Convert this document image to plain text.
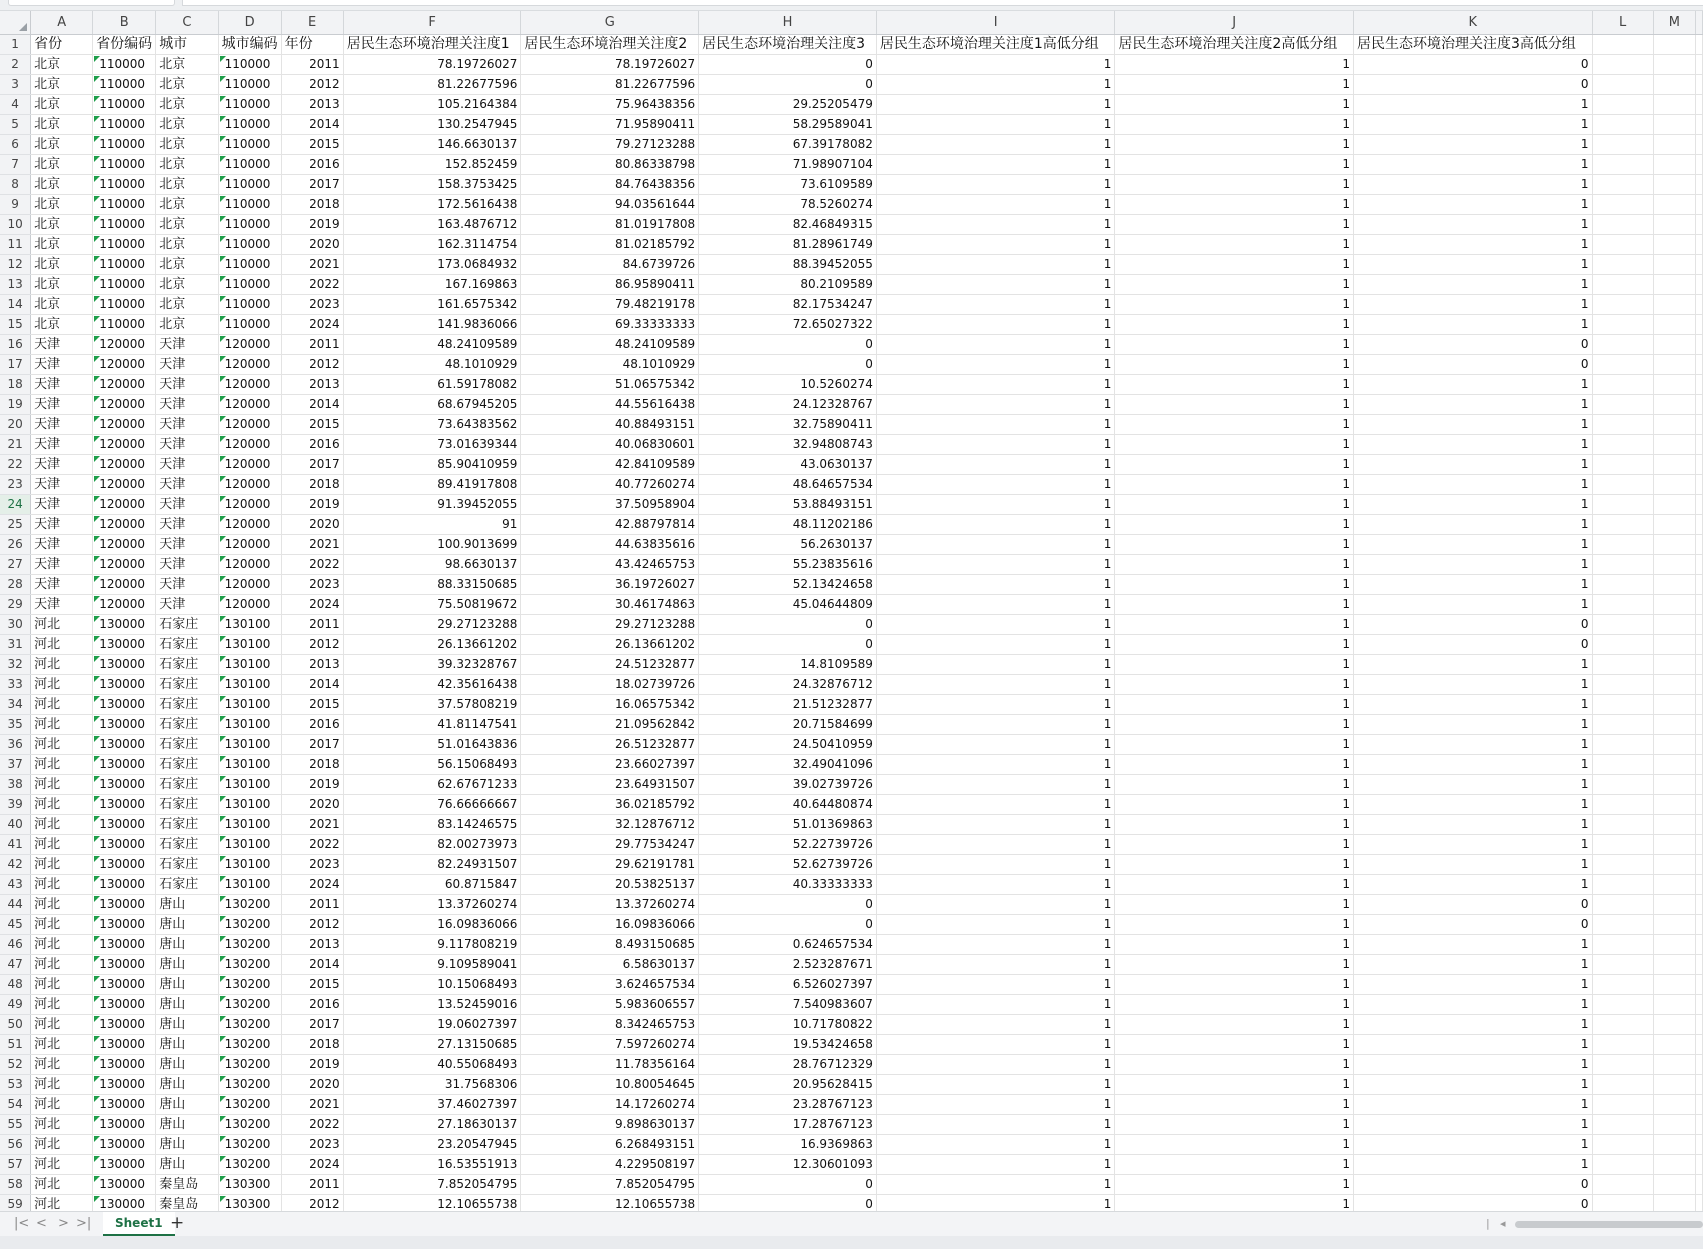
	A	B	C	D	E	F	G	H	I	J	K	L	M	
1	省份	省份编码	城市	城市编码	年份	居民生态环境治理关注度1	居民生态环境治理关注度2	居民生态环境治理关注度3	居民生态环境治理关注度1高低分组	居民生态环境治理关注度2高低分组	居民生态环境治理关注度3高低分组			
2	北京	110000	北京	110000	2011	78.19726027	78.19726027	0	1	1	0			
3	北京	110000	北京	110000	2012	81.22677596	81.22677596	0	1	1	0			
4	北京	110000	北京	110000	2013	105.2164384	75.96438356	29.25205479	1	1	1			
5	北京	110000	北京	110000	2014	130.2547945	71.95890411	58.29589041	1	1	1			
6	北京	110000	北京	110000	2015	146.6630137	79.27123288	67.39178082	1	1	1			
7	北京	110000	北京	110000	2016	152.852459	80.86338798	71.98907104	1	1	1			
8	北京	110000	北京	110000	2017	158.3753425	84.76438356	73.6109589	1	1	1			
9	北京	110000	北京	110000	2018	172.5616438	94.03561644	78.5260274	1	1	1			
10	北京	110000	北京	110000	2019	163.4876712	81.01917808	82.46849315	1	1	1			
11	北京	110000	北京	110000	2020	162.3114754	81.02185792	81.28961749	1	1	1			
12	北京	110000	北京	110000	2021	173.0684932	84.6739726	88.39452055	1	1	1			
13	北京	110000	北京	110000	2022	167.169863	86.95890411	80.2109589	1	1	1			
14	北京	110000	北京	110000	2023	161.6575342	79.48219178	82.17534247	1	1	1			
15	北京	110000	北京	110000	2024	141.9836066	69.33333333	72.65027322	1	1	1			
16	天津	120000	天津	120000	2011	48.24109589	48.24109589	0	1	1	0			
17	天津	120000	天津	120000	2012	48.1010929	48.1010929	0	1	1	0			
18	天津	120000	天津	120000	2013	61.59178082	51.06575342	10.5260274	1	1	1			
19	天津	120000	天津	120000	2014	68.67945205	44.55616438	24.12328767	1	1	1			
20	天津	120000	天津	120000	2015	73.64383562	40.88493151	32.75890411	1	1	1			
21	天津	120000	天津	120000	2016	73.01639344	40.06830601	32.94808743	1	1	1			
22	天津	120000	天津	120000	2017	85.90410959	42.84109589	43.0630137	1	1	1			
23	天津	120000	天津	120000	2018	89.41917808	40.77260274	48.64657534	1	1	1			
24	天津	120000	天津	120000	2019	91.39452055	37.50958904	53.88493151	1	1	1			
25	天津	120000	天津	120000	2020	91	42.88797814	48.11202186	1	1	1			
26	天津	120000	天津	120000	2021	100.9013699	44.63835616	56.2630137	1	1	1			
27	天津	120000	天津	120000	2022	98.6630137	43.42465753	55.23835616	1	1	1			
28	天津	120000	天津	120000	2023	88.33150685	36.19726027	52.13424658	1	1	1			
29	天津	120000	天津	120000	2024	75.50819672	30.46174863	45.04644809	1	1	1			
30	河北	130000	石家庄	130100	2011	29.27123288	29.27123288	0	1	1	0			
31	河北	130000	石家庄	130100	2012	26.13661202	26.13661202	0	1	1	0			
32	河北	130000	石家庄	130100	2013	39.32328767	24.51232877	14.8109589	1	1	1			
33	河北	130000	石家庄	130100	2014	42.35616438	18.02739726	24.32876712	1	1	1			
34	河北	130000	石家庄	130100	2015	37.57808219	16.06575342	21.51232877	1	1	1			
35	河北	130000	石家庄	130100	2016	41.81147541	21.09562842	20.71584699	1	1	1			
36	河北	130000	石家庄	130100	2017	51.01643836	26.51232877	24.50410959	1	1	1			
37	河北	130000	石家庄	130100	2018	56.15068493	23.66027397	32.49041096	1	1	1			
38	河北	130000	石家庄	130100	2019	62.67671233	23.64931507	39.02739726	1	1	1			
39	河北	130000	石家庄	130100	2020	76.66666667	36.02185792	40.64480874	1	1	1			
40	河北	130000	石家庄	130100	2021	83.14246575	32.12876712	51.01369863	1	1	1			
41	河北	130000	石家庄	130100	2022	82.00273973	29.77534247	52.22739726	1	1	1			
42	河北	130000	石家庄	130100	2023	82.24931507	29.62191781	52.62739726	1	1	1			
43	河北	130000	石家庄	130100	2024	60.8715847	20.53825137	40.33333333	1	1	1			
44	河北	130000	唐山	130200	2011	13.37260274	13.37260274	0	1	1	0			
45	河北	130000	唐山	130200	2012	16.09836066	16.09836066	0	1	1	0			
46	河北	130000	唐山	130200	2013	9.117808219	8.493150685	0.624657534	1	1	1			
47	河北	130000	唐山	130200	2014	9.109589041	6.58630137	2.523287671	1	1	1			
48	河北	130000	唐山	130200	2015	10.15068493	3.624657534	6.526027397	1	1	1			
49	河北	130000	唐山	130200	2016	13.52459016	5.983606557	7.540983607	1	1	1			
50	河北	130000	唐山	130200	2017	19.06027397	8.342465753	10.71780822	1	1	1			
51	河北	130000	唐山	130200	2018	27.13150685	7.597260274	19.53424658	1	1	1			
52	河北	130000	唐山	130200	2019	40.55068493	11.78356164	28.76712329	1	1	1			
53	河北	130000	唐山	130200	2020	31.7568306	10.80054645	20.95628415	1	1	1			
54	河北	130000	唐山	130200	2021	37.46027397	14.17260274	23.28767123	1	1	1			
55	河北	130000	唐山	130200	2022	27.18630137	9.898630137	17.28767123	1	1	1			
56	河北	130000	唐山	130200	2023	23.20547945	6.268493151	16.9369863	1	1	1			
57	河北	130000	唐山	130200	2024	16.53551913	4.229508197	12.30601093	1	1	1			
58	河北	130000	秦皇岛	130300	2011	7.852054795	7.852054795	0	1	1	0			
59	河北	130000	秦皇岛	130300	2012	12.10655738	12.10655738	0	1	1	0			
|< < > >|	Sheet1 +	| ◂
